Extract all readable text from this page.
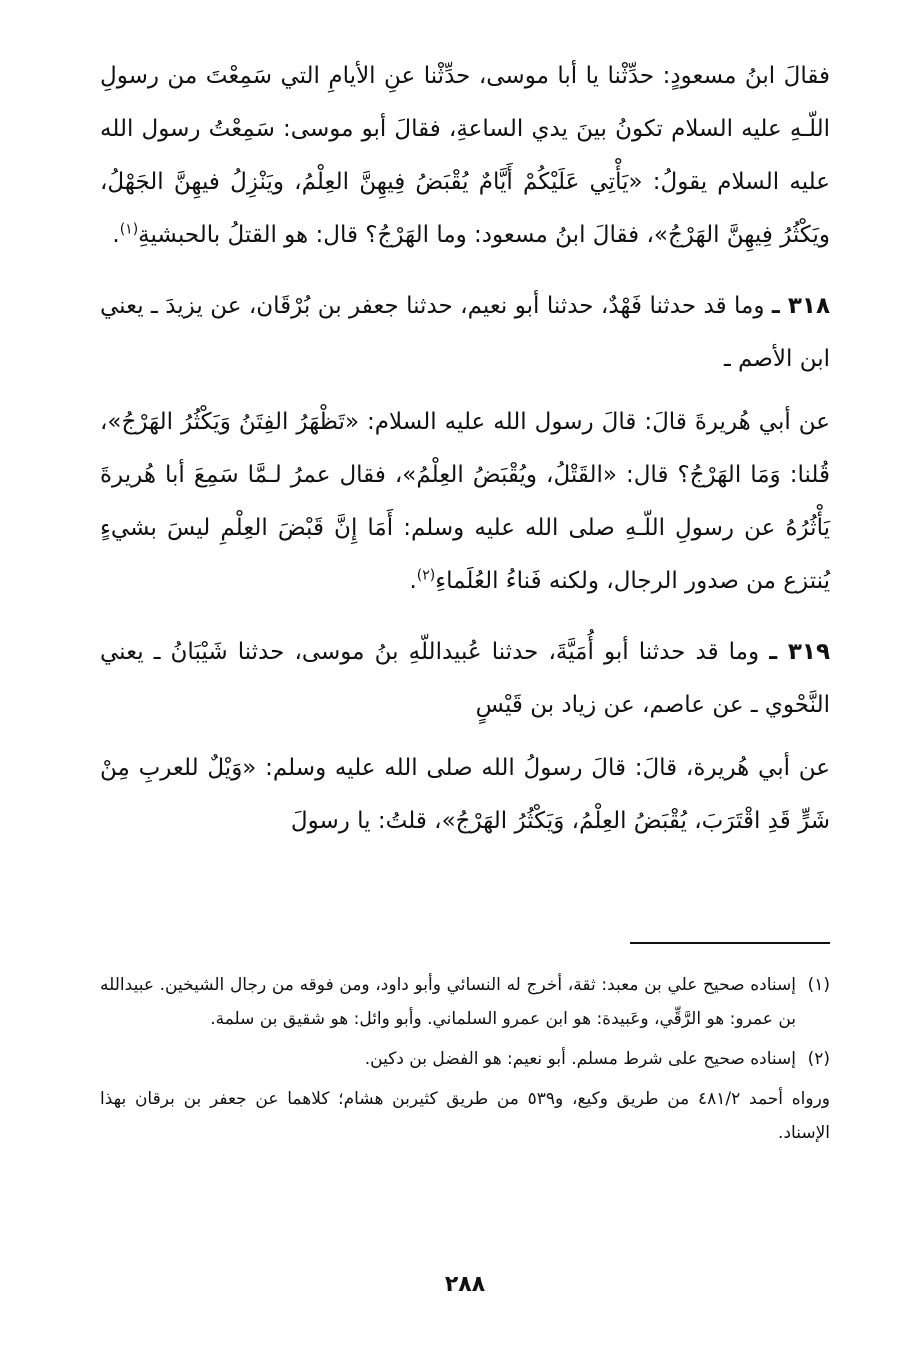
فقالَ ابنُ مسعودٍ: حدِّثْنا يا أبا موسى، حدِّثْنا عنِ الأيامِ التي سَمِعْتَ من رسولِ اللّـهِ عليه السلام تكونُ بينَ يدي الساعةِ، فقالَ أبو موسى: سَمِعْتُ رسول الله عليه السلام يقولُ: «يَأْتِي عَلَيْكُمْ أَيَّامٌ يُقْبَضُ فِيهِنَّ العِلْمُ، ويَنْزِلُ فيهِنَّ الجَهْلُ، ويَكْثُرُ فِيهِنَّ الهَرْجُ»، فقالَ ابنُ مسعود: وما الهَرْجُ؟ قال: هو القتلُ بالحبشيةِ$^{(١)}$.

٣١٨ ـ وما قد حدثنا فَهْدٌ، حدثنا أبو نعيم، حدثنا جعفر بن بُرْقَان، عن يزيدَ ـ يعني ابن الأصم ـ

عن أبي هُريرةَ قالَ: قالَ رسول الله عليه السلام: «تَظْهَرُ الفِتَنُ وَيَكْثُرُ الهَرْجُ»، قُلنا: وَمَا الهَرْجُ؟ قال: «القَتْلُ، ويُقْبَضُ العِلْمُ»، فقال عمرُ لـمَّا سَمِعَ أبا هُريرةَ يَأْثُرُهُ عن رسولِ اللّـهِ صلى الله عليه وسلم: أَمَا إِنَّ قَبْضَ العِلْمِ ليسَ بشيءٍ يُنتزع من صدور الرجال، ولكنه فَناءُ العُلَماءِ$^{(٢)}$.

٣١٩ ـ وما قد حدثنا أبو أُمَيَّةَ، حدثنا عُبيداللّهِ بنُ موسى، حدثنا شَيْبَانُ ـ يعني النَّحْوي ـ عن عاصم، عن زياد بن قَيْسٍ

عن أبي هُريرة، قالَ: قالَ رسولُ الله صلى الله عليه وسلم: «وَيْلٌ للعربِ مِنْ شَرٍّ قَدِ اقْتَرَبَ، يُقْبَضُ العِلْمُ، وَيَكْثُرُ الهَرْجُ»، قلتُ: يا رسولَ

(١)
إسناده صحيح علي بن معبد: ثقة، أخرج له النسائي وأبو داود، ومن فوقه من رجال الشيخين. عبيدالله بن عمرو: هو الرَّقِّي، وعَبيدة: هو ابن عمرو السلماني. وأبو وائل: هو شقيق بن سلمة.
(٢)
إسناده صحيح على شرط مسلم. أبو نعيم: هو الفضل بن دكين.

ورواه أحمد ٤٨١/٢ من طريق وكيع، و٥٣٩ من طريق كثيربن هشام؛ كلاهما عن جعفر بن برقان بهذا الإسناد.

٢٨٨
